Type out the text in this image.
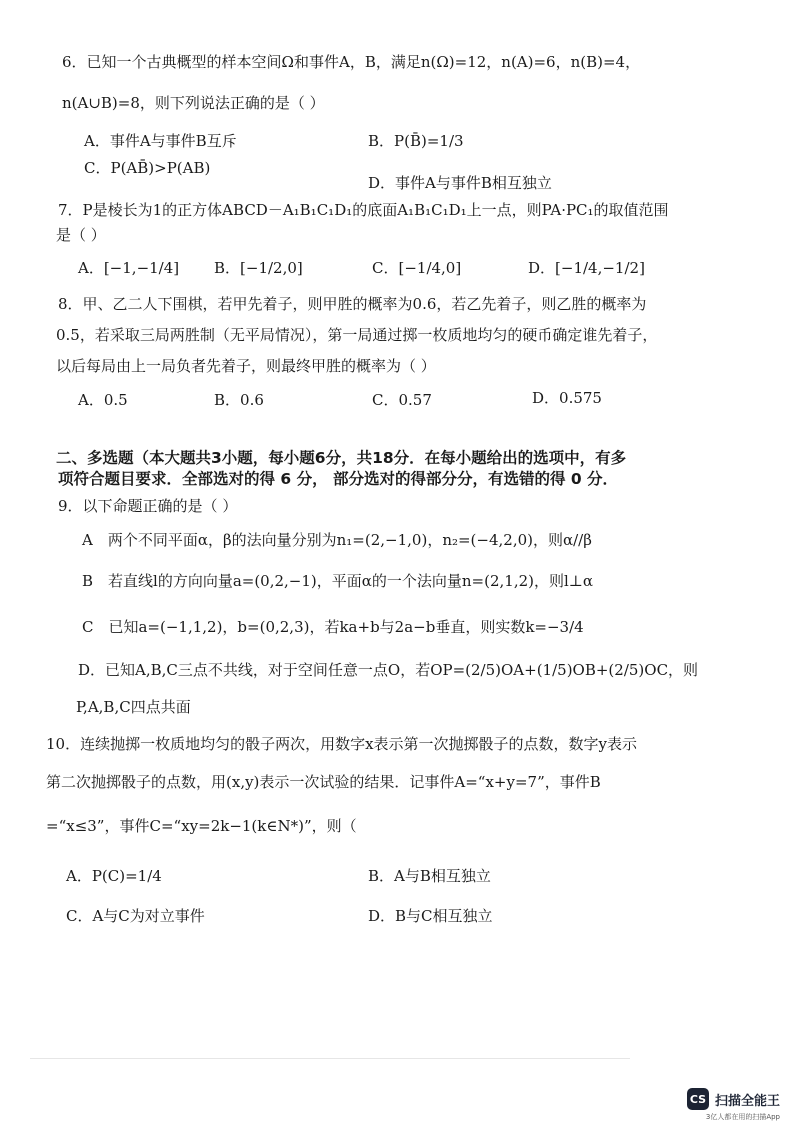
6．已知一个古典概型的样本空间Ω和事件A，B，满足n(Ω)=12，n(A)=6，n(B)=4，
n(A∪B)=8，则下列说法正确的是（ ）
A．事件A与事件B互斥	B．P(B̄)=1/3
C．P(AB̄)>P(AB)
D．事件A与事件B相互独立
7．P是棱长为1的正方体ABCD－A₁B₁C₁D₁的底面A₁B₁C₁D₁上一点，则PA·PC₁的取值范围
是（ ）
A．[−1,−1/4] B．[−1/2,0]	C．[−1/4,0]	D．[−1/4,−1/2]
8．甲、乙二人下围棋，若甲先着子，则甲胜的概率为0.6，若乙先着子，则乙胜的概率为
0.5，若采取三局两胜制（无平局情况），第一局通过掷一枚质地均匀的硬币确定谁先着子，
以后每局由上一局负者先着子，则最终甲胜的概率为（ ）
A．0.5	B．0.6	C．0.57	D．0.575
二、多选题（本大题共3小题，每小题6分，共18分．在每小题给出的选项中，有多
项符合题目要求．全部选对的得 6 分， 部分选对的得部分分，有选错的得 0 分．
9．以下命题正确的是（ ）
A　两个不同平面α，β的法向量分别为n₁=(2,−1,0)，n₂=(−4,2,0)，则α//β
B　若直线l的方向向量a=(0,2,−1)，平面α的一个法向量n=(2,1,2)，则l⊥α
C　已知a=(−1,1,2)，b=(0,2,3)，若ka+b与2a−b垂直，则实数k=−3/4
D．已知A,B,C三点不共线，对于空间任意一点O，若OP=(2/5)OA+(1/5)OB+(2/5)OC，则
P,A,B,C四点共面
10．连续抛掷一枚质地均匀的骰子两次，用数字x表示第一次抛掷骰子的点数，数字y表示
第二次抛掷骰子的点数，用(x,y)表示一次试验的结果．记事件A=“x+y=7”，事件B
=“x≤3”，事件C=“xy=2k−1(k∈N*)”，则（
A．P(C)=1/4	B．A与B相互独立
C．A与C为对立事件	D．B与C相互独立
CS 扫描全能王
3亿人都在用的扫描App
